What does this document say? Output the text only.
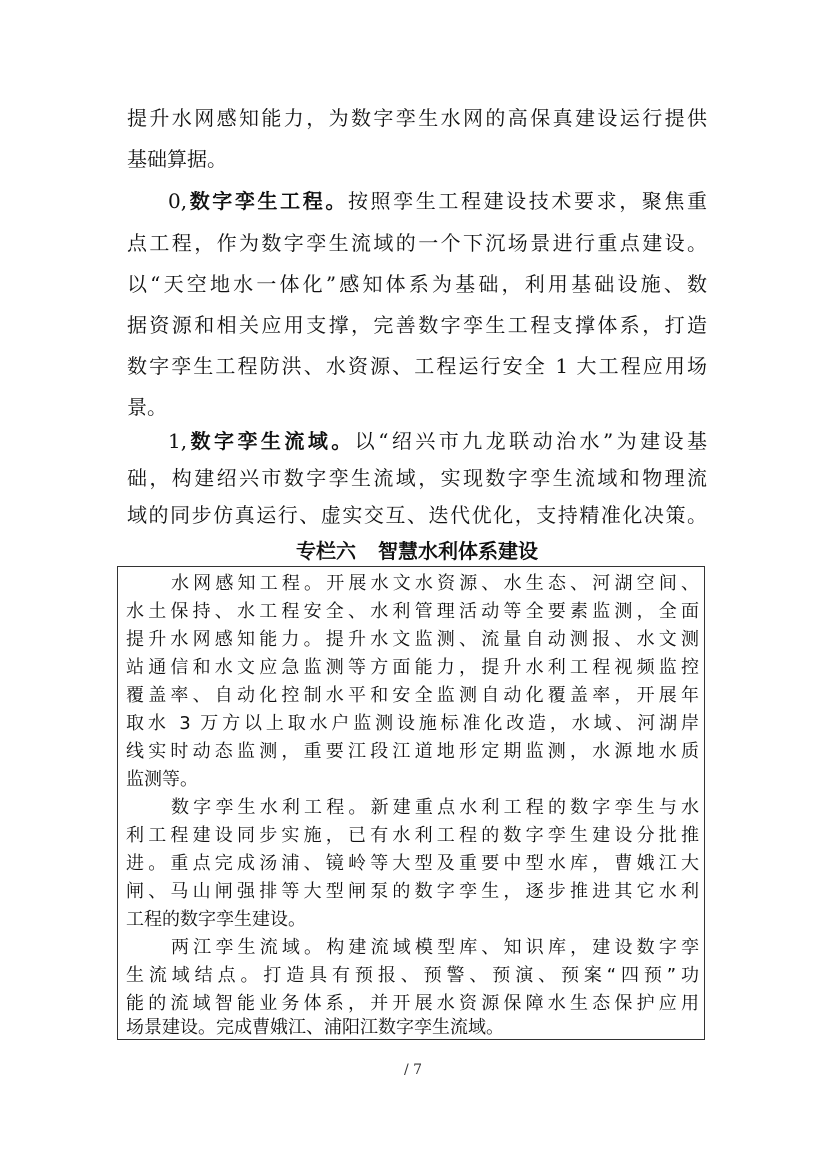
提升水网感知能力，为数字孪生水网的高保真建设运行提供
基础算据。
0,数字孪生工程。按照孪生工程建设技术要求，聚焦重
点工程，作为数字孪生流域的一个下沉场景进行重点建设。
以“天空地水一体化”感知体系为基础，利用基础设施、数
据资源和相关应用支撑，完善数字孪生工程支撑体系，打造
数字孪生工程防洪、水资源、工程运行安全 1 大工程应用场
景。
1,数字孪生流域。以“绍兴市九龙联动治水”为建设基
础，构建绍兴市数字孪生流域，实现数字孪生流域和物理流
域的同步仿真运行、虚实交互、迭代优化，支持精准化决策。
专栏六 智慧水利体系建设
水网感知工程。开展水文水资源、水生态、河湖空间、
水土保持、水工程安全、水利管理活动等全要素监测，全面
提升水网感知能力。提升水文监测、流量自动测报、水文测
站通信和水文应急监测等方面能力，提升水利工程视频监控
覆盖率、自动化控制水平和安全监测自动化覆盖率，开展年
取水 3 万方以上取水户监测设施标准化改造，水域、河湖岸
线实时动态监测，重要江段江道地形定期监测，水源地水质
监测等。
数字孪生水利工程。新建重点水利工程的数字孪生与水
利工程建设同步实施，已有水利工程的数字孪生建设分批推
进。重点完成汤浦、镜岭等大型及重要中型水库，曹娥江大
闸、马山闸强排等大型闸泵的数字孪生，逐步推进其它水利
工程的数字孪生建设。
两江孪生流域。构建流域模型库、知识库，建设数字孪
生流域结点。打造具有预报、预警、预演、预案“四预”功
能的流域智能业务体系，并开展水资源保障水生态保护应用
场景建设。完成曹娥江、浦阳江数字孪生流域。
/ 7
